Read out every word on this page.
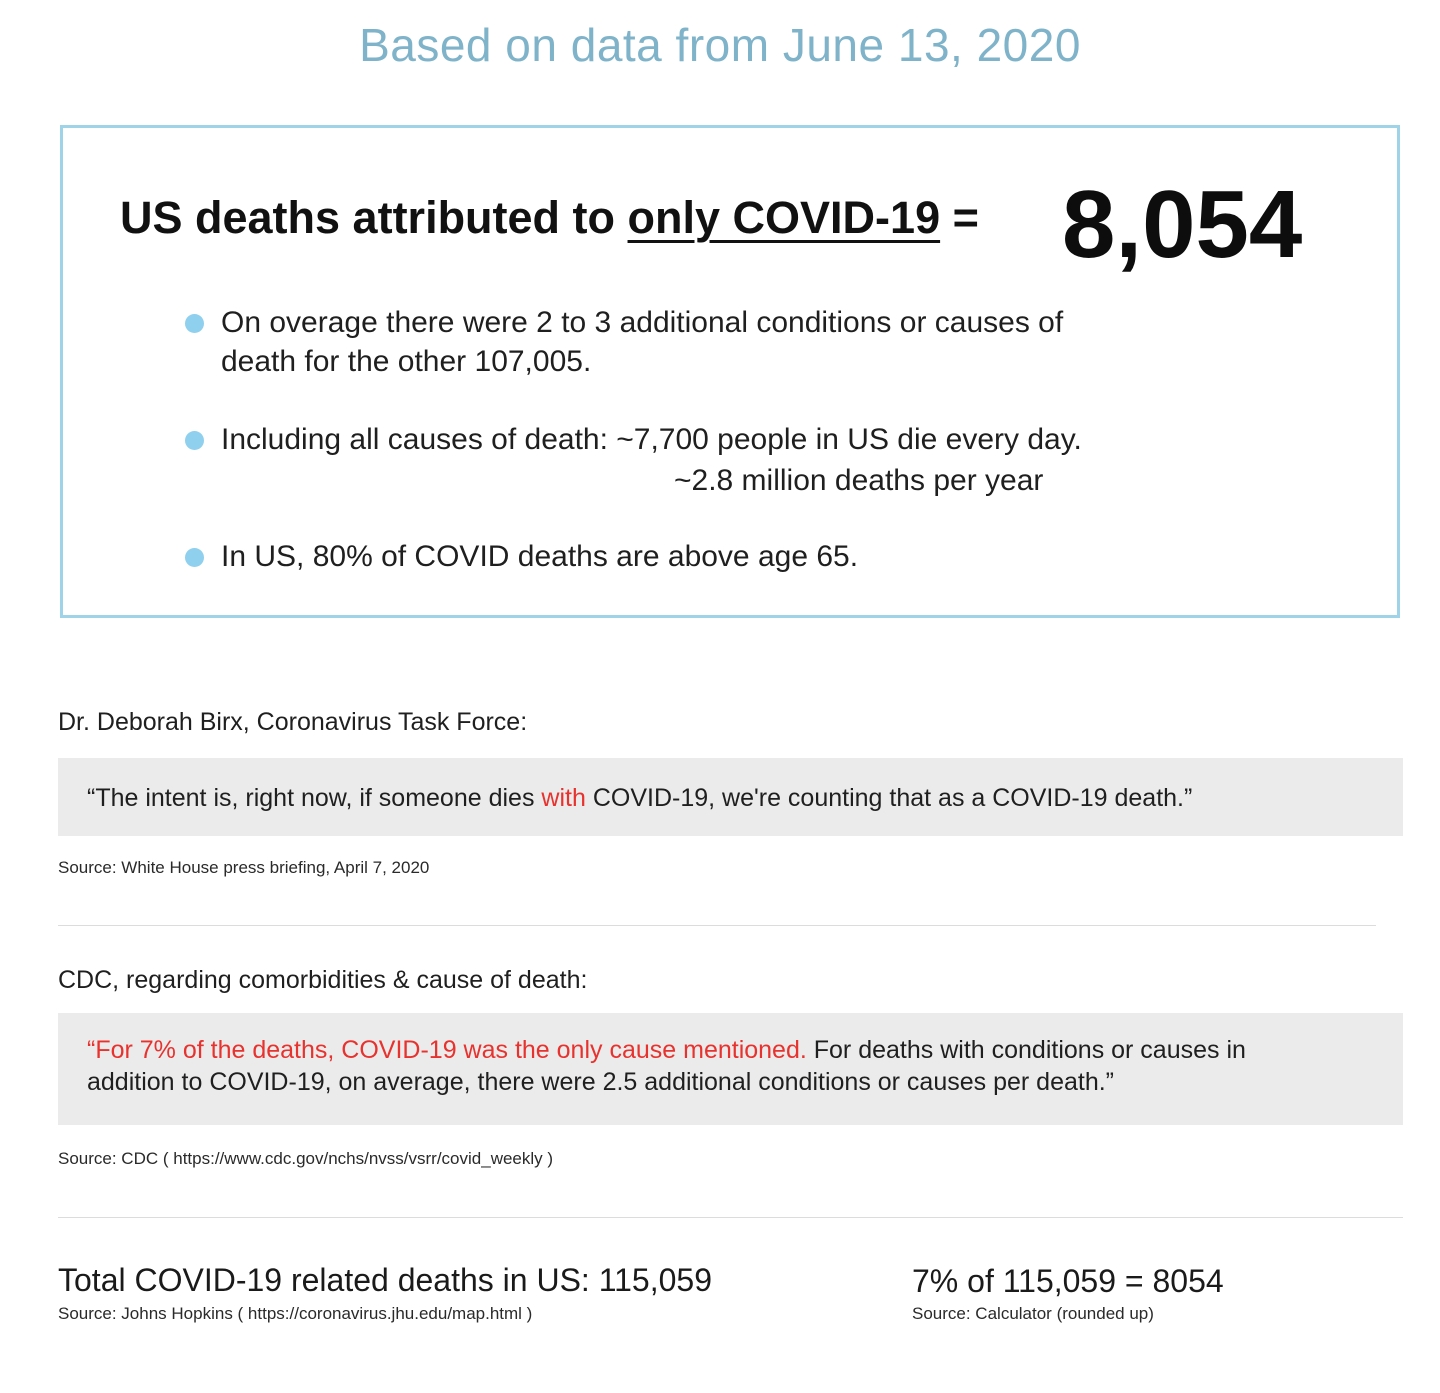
Based on data from June 13, 2020
US deaths attributed to only COVID-19 = 8,054
On overage there were 2 to 3 additional conditions or causes of
death for the other 107,005.
Including all causes of death: ~7,700 people in US die every day.
~2.8 million deaths per year
In US, 80% of COVID deaths are above age 65.
Dr. Deborah Birx, Coronavirus Task Force:
“The intent is, right now, if someone dies with COVID-19, we're counting that as a COVID-19 death.”
Source: White House press briefing, April 7, 2020
CDC, regarding comorbidities & cause of death:
“For 7% of the deaths, COVID-19 was the only cause mentioned. For deaths with conditions or causes in
addition to COVID-19, on average, there were 2.5 additional conditions or causes per death.”
Source: CDC ( https://www.cdc.gov/nchs/nvss/vsrr/covid_weekly )
Total COVID-19 related deaths in US: 115,059
Source: Johns Hopkins ( https://coronavirus.jhu.edu/map.html )
7% of 115,059 = 8054
Source: Calculator (rounded up)
